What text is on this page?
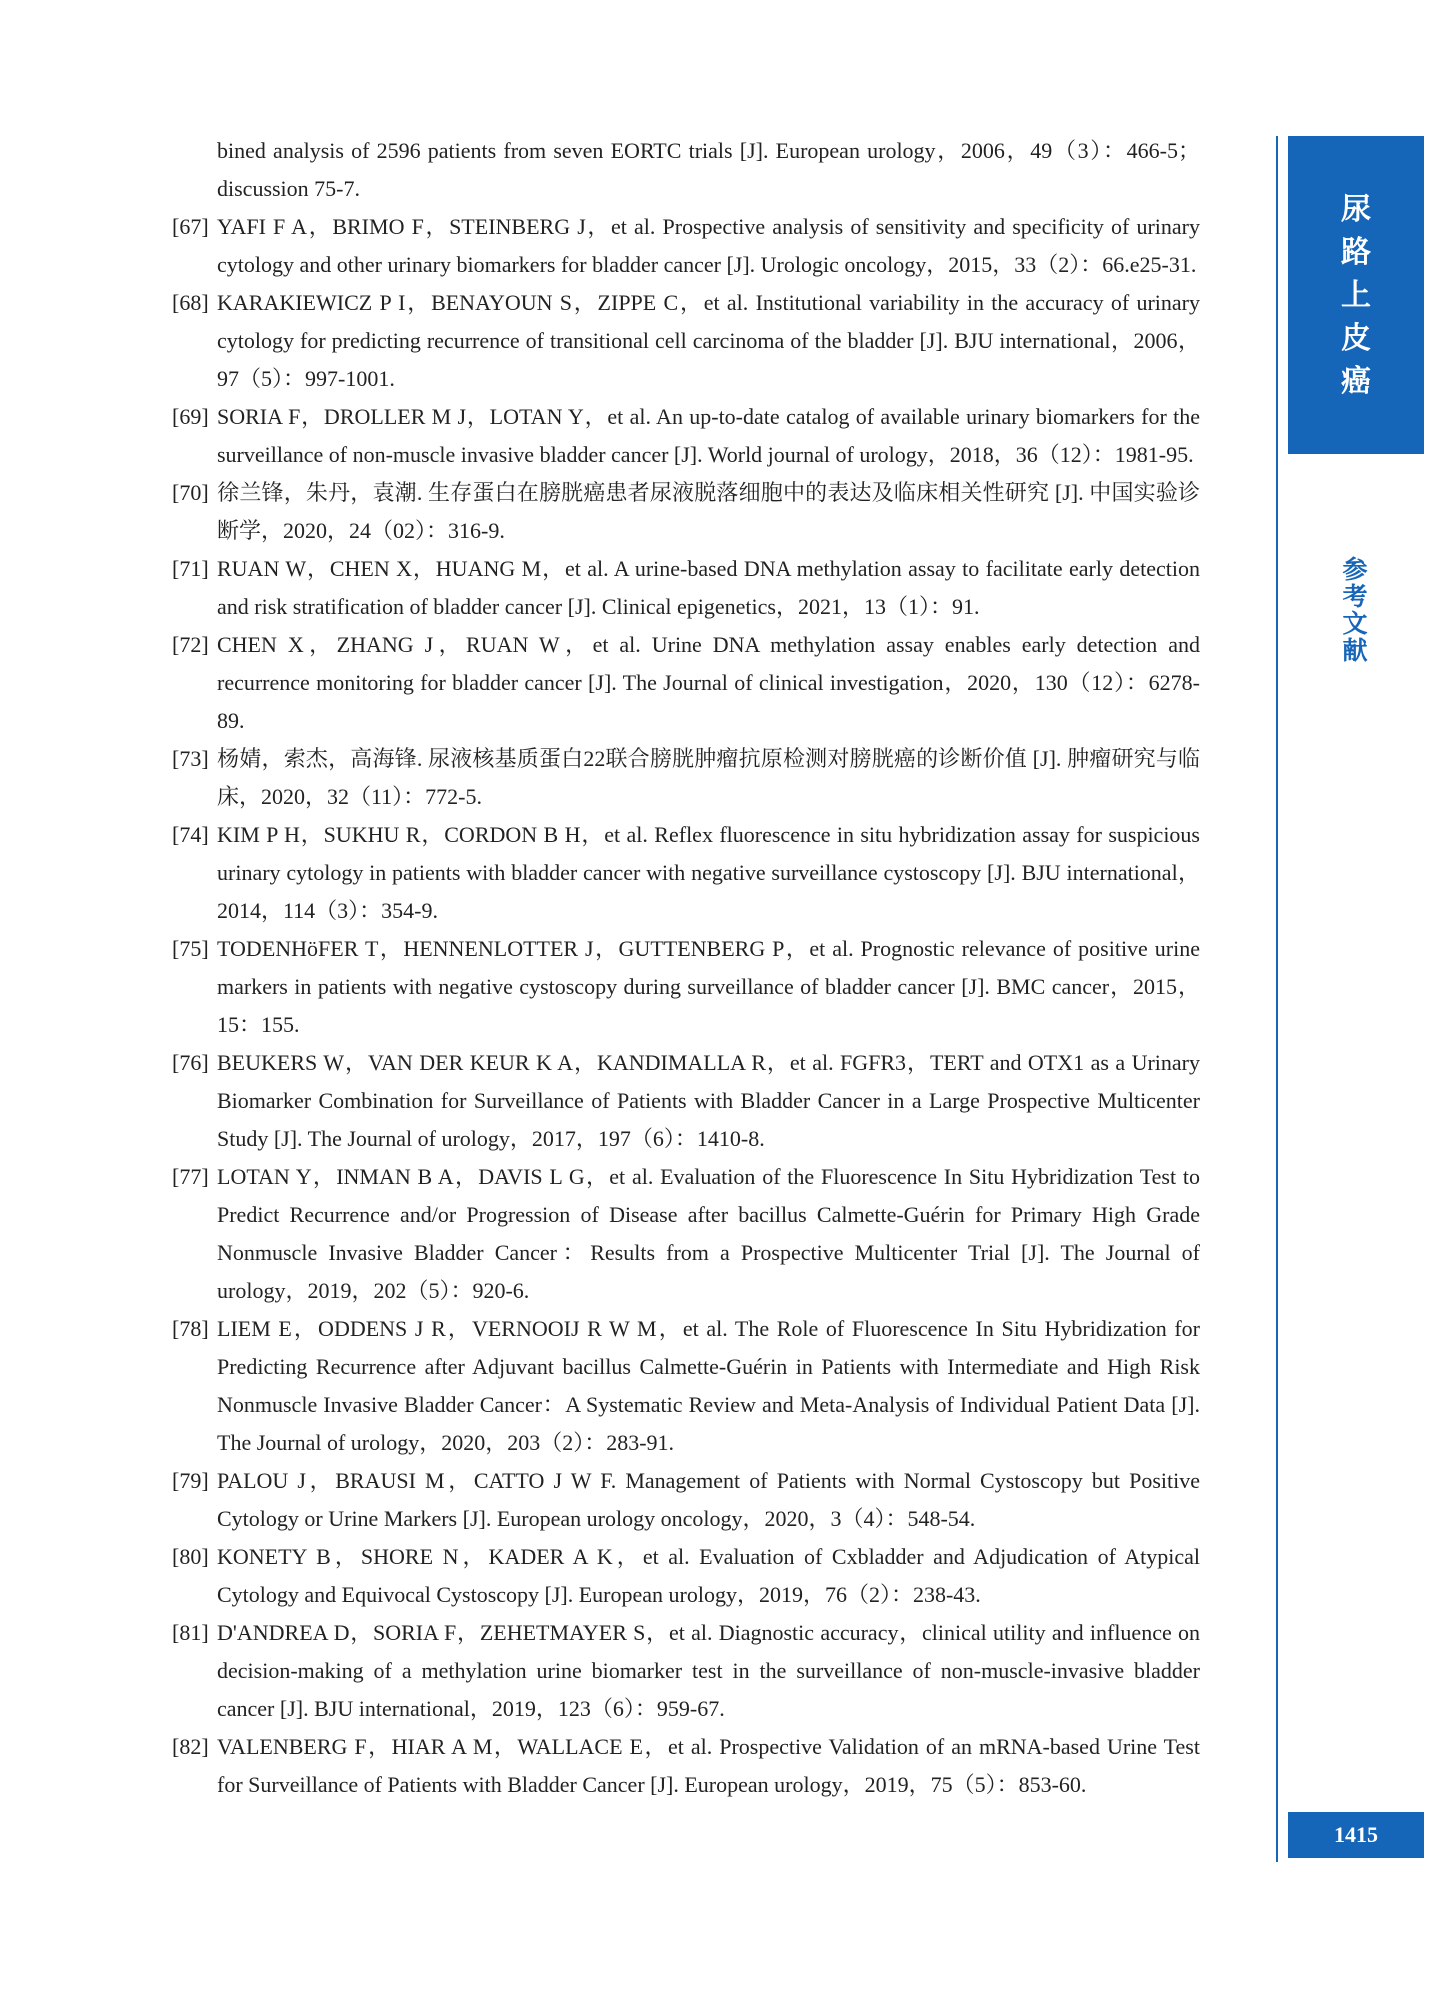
bined analysis of 2596 patients from seven EORTC trials [J]. European urology，2006，49（3）：466-5；discussion 75-7.

[67] YAFI F A，BRIMO F，STEINBERG J，et al. Prospective analysis of sensitivity and specificity of urinary cytology and other urinary biomarkers for bladder cancer [J]. Urologic oncology，2015，33（2）：66.e25-31.

[68] KARAKIEWICZ P I，BENAYOUN S，ZIPPE C，et al. Institutional variability in the accuracy of urinary cytology for predicting recurrence of transitional cell carcinoma of the bladder [J]. BJU international，2006，97（5）：997-1001.

[69] SORIA F，DROLLER M J，LOTAN Y，et al. An up-to-date catalog of available urinary biomarkers for the surveillance of non-muscle invasive bladder cancer [J]. World journal of urology，2018，36（12）：1981-95.

[70] 徐兰锋，朱丹，袁潮. 生存蛋白在膀胱癌患者尿液脱落细胞中的表达及临床相关性研究 [J]. 中国实验诊断学，2020，24（02）：316-9.

[71] RUAN W，CHEN X，HUANG M，et al. A urine-based DNA methylation assay to facilitate early detection and risk stratification of bladder cancer [J]. Clinical epigenetics，2021，13（1）：91.

[72] CHEN X，ZHANG J，RUAN W，et al. Urine DNA methylation assay enables early detection and recurrence monitoring for bladder cancer [J]. The Journal of clinical investigation，2020，130（12）：6278-89.

[73] 杨婧，索杰，高海锋. 尿液核基质蛋白22联合膀胱肿瘤抗原检测对膀胱癌的诊断价值 [J]. 肿瘤研究与临床，2020，32（11）：772-5.

[74] KIM P H，SUKHU R，CORDON B H，et al. Reflex fluorescence in situ hybridization assay for suspicious urinary cytology in patients with bladder cancer with negative surveillance cystoscopy [J]. BJU international，2014，114（3）：354-9.

[75] TODENHöFER T，HENNENLOTTER J，GUTTENBERG P，et al. Prognostic relevance of positive urine markers in patients with negative cystoscopy during surveillance of bladder cancer [J]. BMC cancer，2015，15：155.

[76] BEUKERS W，VAN DER KEUR K A，KANDIMALLA R，et al. FGFR3，TERT and OTX1 as a Urinary Biomarker Combination for Surveillance of Patients with Bladder Cancer in a Large Prospective Multicenter Study [J]. The Journal of urology，2017，197（6）：1410-8.

[77] LOTAN Y，INMAN B A，DAVIS L G，et al. Evaluation of the Fluorescence In Situ Hybridization Test to Predict Recurrence and/or Progression of Disease after bacillus Calmette-Guérin for Primary High Grade Nonmuscle Invasive Bladder Cancer：Results from a Prospective Multicenter Trial [J]. The Journal of urology，2019，202（5）：920-6.

[78] LIEM E，ODDENS J R，VERNOOIJ R W M，et al. The Role of Fluorescence In Situ Hybridization for Predicting Recurrence after Adjuvant bacillus Calmette-Guérin in Patients with Intermediate and High Risk Nonmuscle Invasive Bladder Cancer：A Systematic Review and Meta-Analysis of Individual Patient Data [J]. The Journal of urology，2020，203（2）：283-91.

[79] PALOU J，BRAUSI M，CATTO J W F. Management of Patients with Normal Cystoscopy but Positive Cytology or Urine Markers [J]. European urology oncology，2020，3（4）：548-54.

[80] KONETY B，SHORE N，KADER A K，et al. Evaluation of Cxbladder and Adjudication of Atypical Cytology and Equivocal Cystoscopy [J]. European urology，2019，76（2）：238-43.

[81] D'ANDREA D，SORIA F，ZEHETMAYER S，et al. Diagnostic accuracy，clinical utility and influence on decision-making of a methylation urine biomarker test in the surveillance of non-muscle-invasive bladder cancer [J]. BJU international，2019，123（6）：959-67.

[82] VALENBERG F，HIAR A M，WALLACE E，et al. Prospective Validation of an mRNA-based Urine Test for Surveillance of Patients with Bladder Cancer [J]. European urology，2019，75（5）：853-60.

尿
路
上
皮
癌
参
考
文
献
1415
